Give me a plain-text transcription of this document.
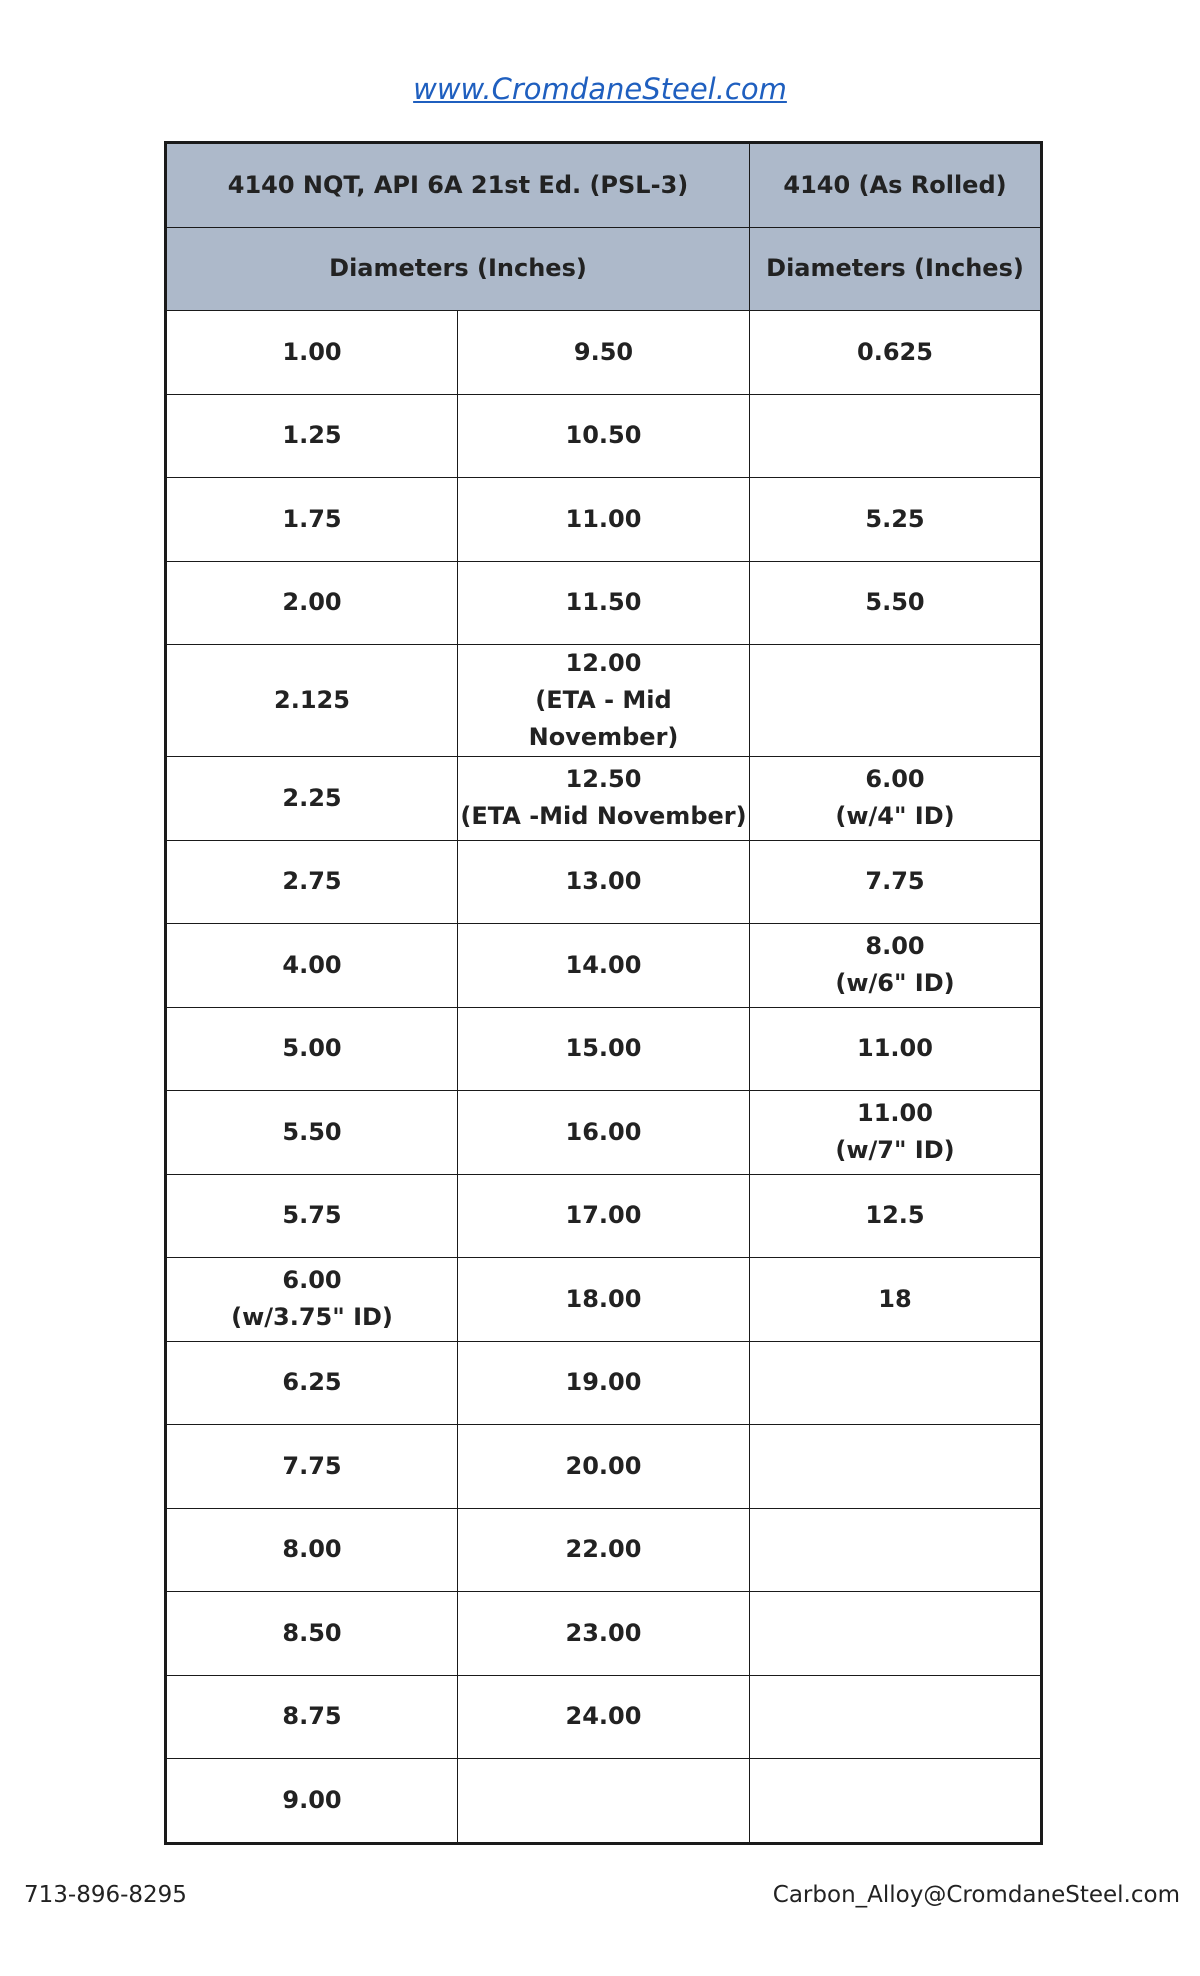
www.CromdaneSteel.com
4140 NQT, API 6A 21st Ed. (PSL-3)		4140 (As Rolled)
Diameters (Inches)		Diameters (Inches)

1.00	9.50	0.625

1.25	10.50	

1.75	11.00	5.25

2.00	11.50	5.50

2.125	12.00
(ETA - Mid November)	

2.25	12.50
(ETA -Mid November)	6.00
(w/4" ID)

2.75	13.00	7.75

4.00	14.00	8.00
(w/6" ID)

5.00	15.00	11.00

5.50	16.00	11.00
(w/7" ID)

5.75	17.00	12.5

6.00
(w/3.75" ID)	18.00	18

6.25	19.00	

7.75	20.00	

8.00	22.00	

8.50	23.00	

8.75	24.00	

9.00		

713-896-8295	Carbon_Alloy@CromdaneSteel.com
